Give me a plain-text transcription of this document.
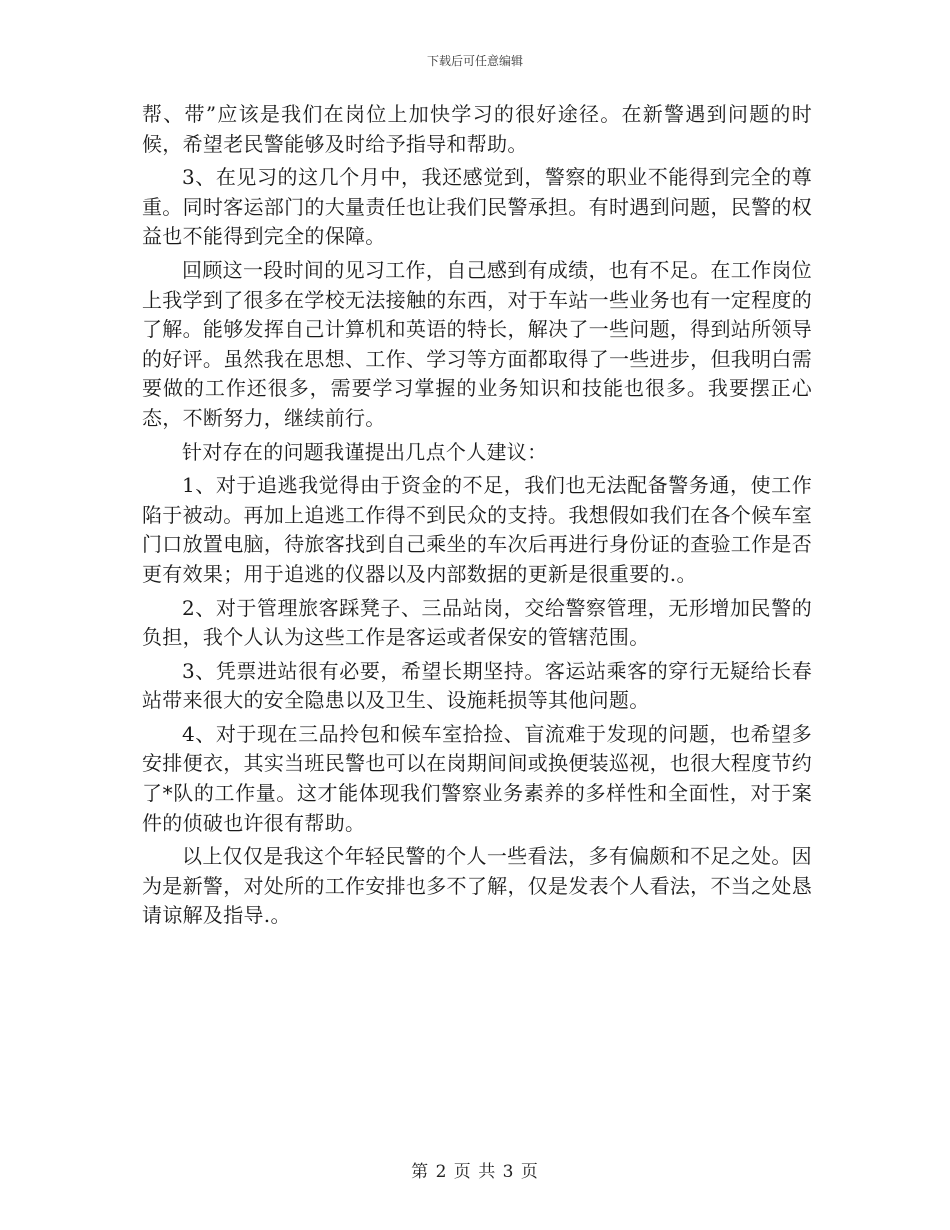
下载后可任意编辑

帮、带”应该是我们在岗位上加快学习的很好途径。在新警遇到问题的时候，希望老民警能够及时给予指导和帮助。

3、在见习的这几个月中，我还感觉到，警察的职业不能得到完全的尊重。同时客运部门的大量责任也让我们民警承担。有时遇到问题，民警的权益也不能得到完全的保障。

回顾这一段时间的见习工作，自己感到有成绩，也有不足。在工作岗位上我学到了很多在学校无法接触的东西，对于车站一些业务也有一定程度的了解。能够发挥自己计算机和英语的特长，解决了一些问题，得到站所领导的好评。虽然我在思想、工作、学习等方面都取得了一些进步，但我明白需要做的工作还很多，需要学习掌握的业务知识和技能也很多。我要摆正心态，不断努力，继续前行。

针对存在的问题我谨提出几点个人建议：

1、对于追逃我觉得由于资金的不足，我们也无法配备警务通，使工作陷于被动。再加上追逃工作得不到民众的支持。我想假如我们在各个候车室门口放置电脑，待旅客找到自己乘坐的车次后再进行身份证的查验工作是否更有效果；用于追逃的仪器以及内部数据的更新是很重要的.。

2、对于管理旅客踩凳子、三品站岗，交给警察管理，无形增加民警的负担，我个人认为这些工作是客运或者保安的管辖范围。

3、凭票进站很有必要，希望长期坚持。客运站乘客的穿行无疑给长春站带来很大的安全隐患以及卫生、设施耗损等其他问题。

4、对于现在三品拎包和候车室拾捡、盲流难于发现的问题，也希望多安排便衣，其实当班民警也可以在岗期间间或换便装巡视，也很大程度节约了*队的工作量。这才能体现我们警察业务素养的多样性和全面性，对于案件的侦破也许很有帮助。

以上仅仅是我这个年轻民警的个人一些看法，多有偏颇和不足之处。因为是新警，对处所的工作安排也多不了解，仅是发表个人看法，不当之处恳请谅解及指导.。

第 2 页 共 3 页
